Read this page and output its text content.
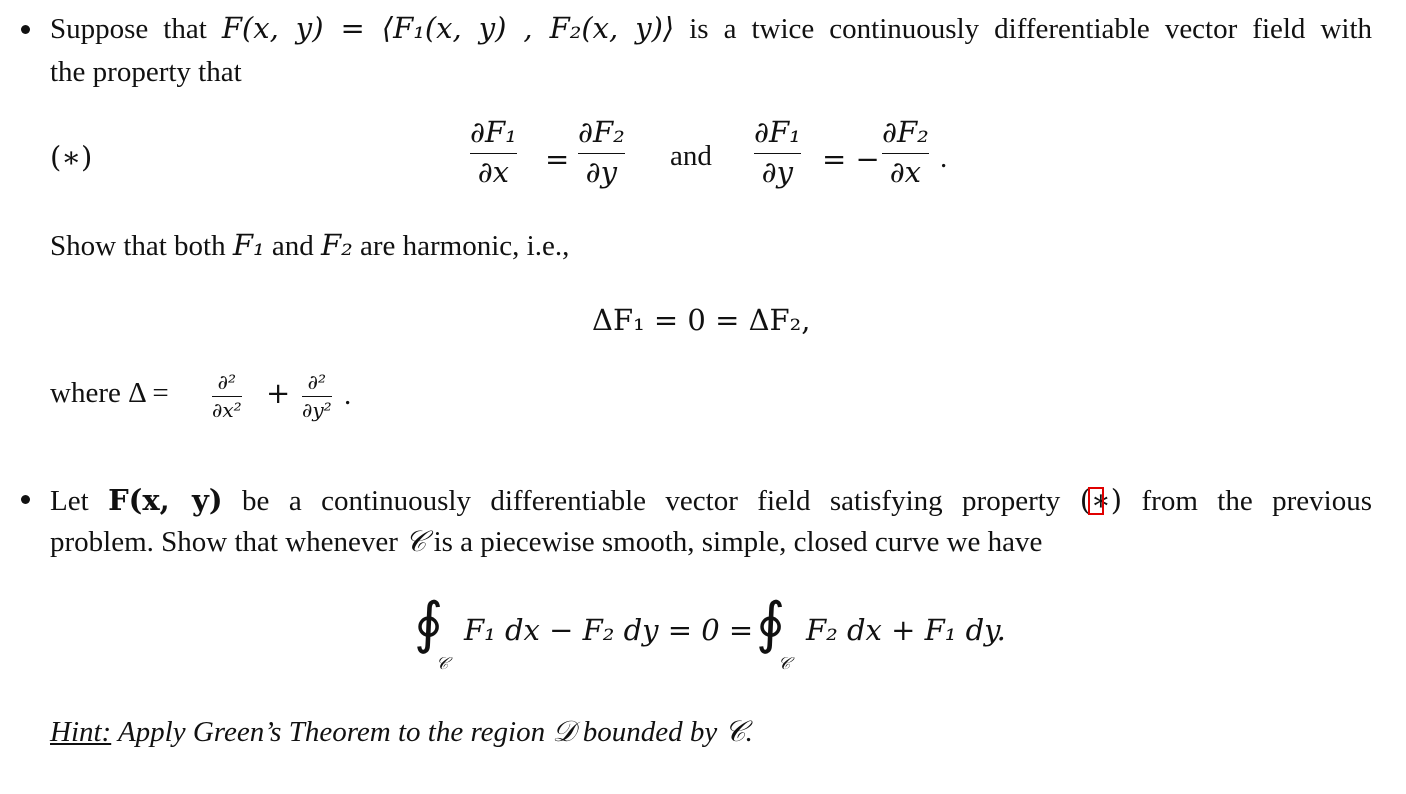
Suppose that F(x, y) = ⟨F₁(x, y) , F₂(x, y)⟩ is a twice continuously differentiable vector field with
the property that
(∗)
∂F₁
∂x =
∂F₂
∂y and
∂F₁
∂y = −
∂F₂
∂x .
Show that both F₁ and F₂ are harmonic, i.e.,
ΔF₁ = 0 = ΔF₂,
where Δ = ∂²
∂x² + ∂²
∂y² .
Let F(x, y) be a continuously differentiable vector field satisfying property (∗) from the previous
problem. Show that whenever 𝒞 is a piecewise smooth, simple, closed curve we have
∮
𝒞
F₁ dx − F₂ dy = 0 = ∮
𝒞
F₂ dx + F₁ dy.
Hint: Apply Green’s Theorem to the region 𝒟 bounded by 𝒞.
